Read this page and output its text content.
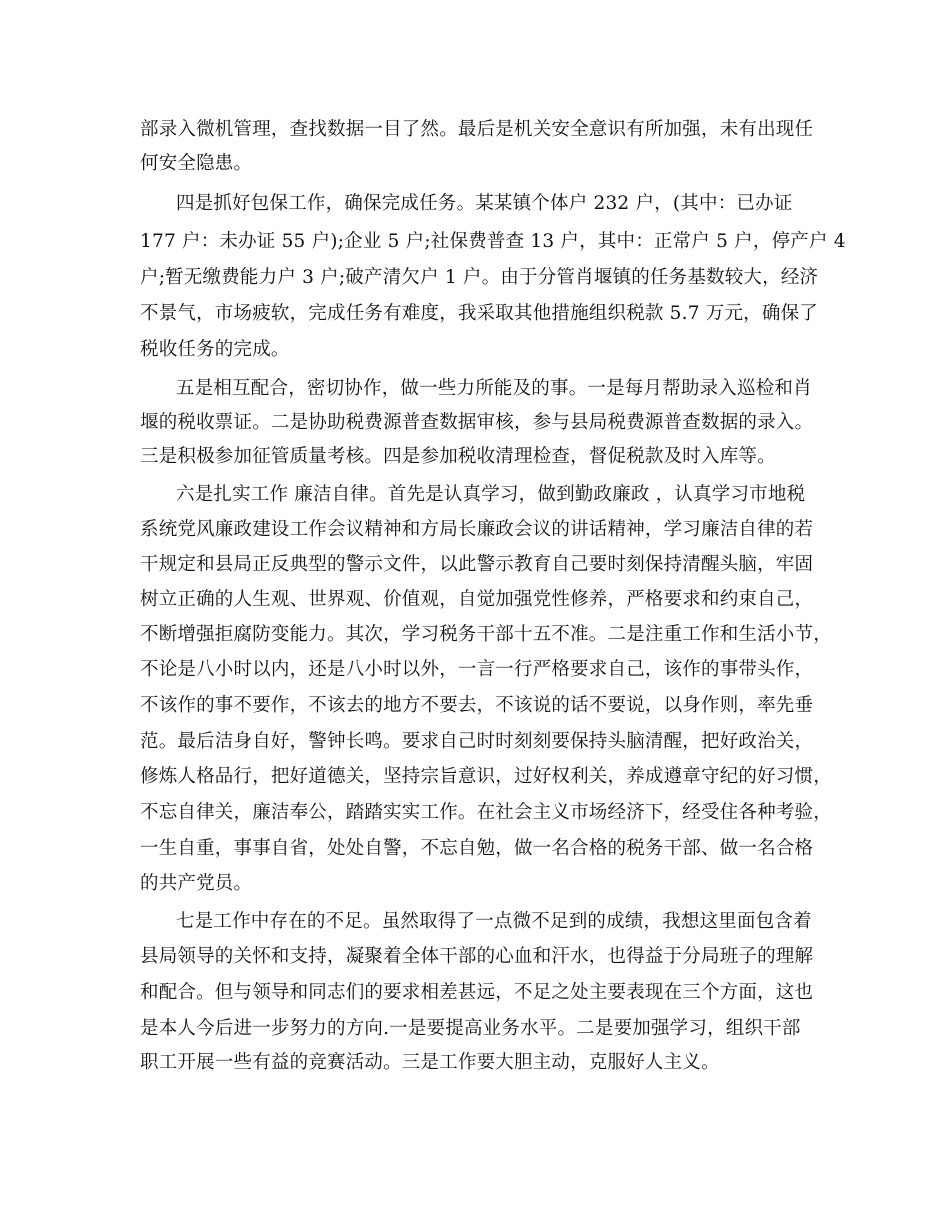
部录入微机管理，查找数据一目了然。最后是机关安全意识有所加强，未有出现任
何安全隐患。
四是抓好包保工作，确保完成任务。某某镇个体户 232 户，(其中：已办证
177 户：未办证 55 户);企业 5 户;社保费普查 13 户，其中：正常户 5 户，停产户 4
户;暂无缴费能力户 3 户;破产清欠户 1 户。由于分管肖堰镇的任务基数较大，经济
不景气，市场疲软，完成任务有难度，我采取其他措施组织税款 5.7 万元，确保了
税收任务的完成。
五是相互配合，密切协作，做一些力所能及的事。一是每月帮助录入巡检和肖
堰的税收票证。二是协助税费源普查数据审核，参与县局税费源普查数据的录入。
三是积极参加征管质量考核。四是参加税收清理检查，督促税款及时入库等。
六是扎实工作 廉洁自律。首先是认真学习，做到勤政廉政 ，认真学习市地税
系统党风廉政建设工作会议精神和方局长廉政会议的讲话精神，学习廉洁自律的若
干规定和县局正反典型的警示文件，以此警示教育自己要时刻保持清醒头脑，牢固
树立正确的人生观、世界观、价值观，自觉加强党性修养，严格要求和约束自己，
不断增强拒腐防变能力。其次，学习税务干部十五不准。二是注重工作和生活小节，
不论是八小时以内，还是八小时以外，一言一行严格要求自己，该作的事带头作，
不该作的事不要作，不该去的地方不要去，不该说的话不要说，以身作则，率先垂
范。最后洁身自好，警钟长鸣。要求自己时时刻刻要保持头脑清醒，把好政治关，
修炼人格品行，把好道德关，坚持宗旨意识，过好权利关，养成遵章守纪的好习惯，
不忘自律关，廉洁奉公，踏踏实实工作。在社会主义市场经济下，经受住各种考验，
一生自重，事事自省，处处自警，不忘自勉，做一名合格的税务干部、做一名合格
的共产党员。
七是工作中存在的不足。虽然取得了一点微不足到的成绩，我想这里面包含着
县局领导的关怀和支持，凝聚着全体干部的心血和汗水，也得益于分局班子的理解
和配合。但与领导和同志们的要求相差甚远，不足之处主要表现在三个方面，这也
是本人今后进一步努力的方向.一是要提高业务水平。二是要加强学习，组织干部
职工开展一些有益的竞赛活动。三是工作要大胆主动，克服好人主义。
